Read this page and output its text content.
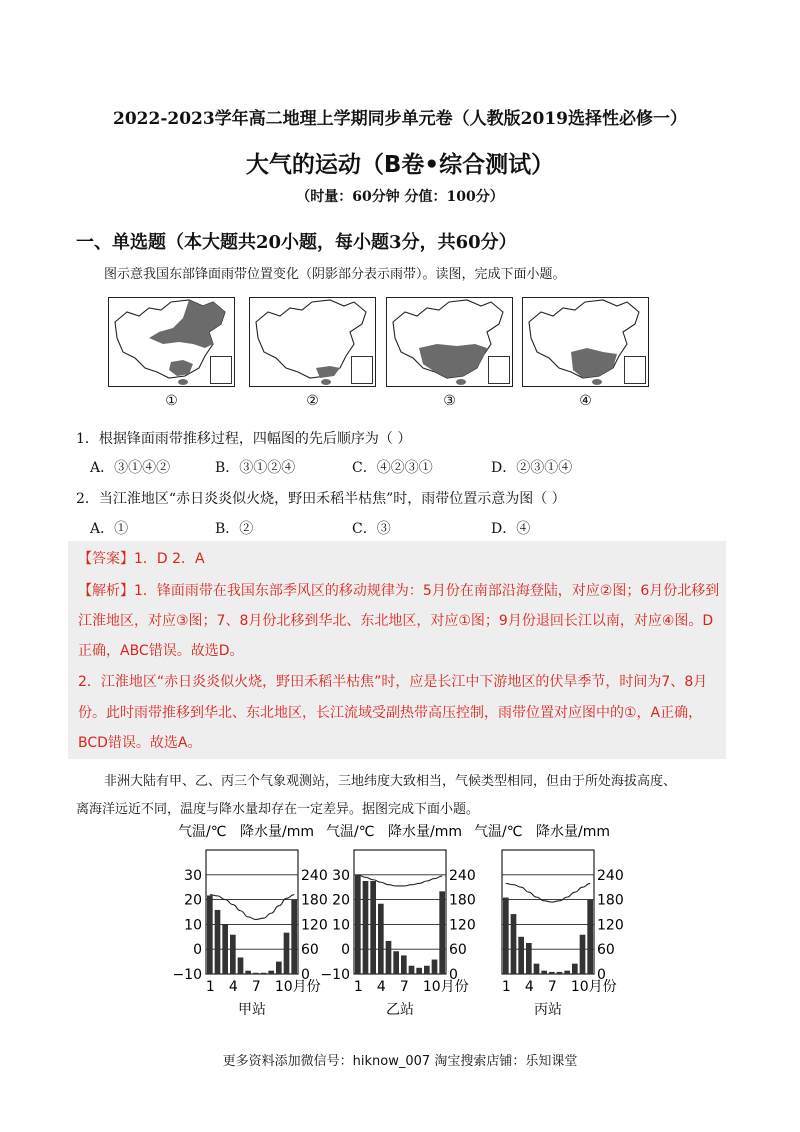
2022-2023学年高二地理上学期同步单元卷（人教版2019选择性必修一）
大气的运动（B卷•综合测试）
（时量：60分钟 分值：100分）
一、单选题（本大题共20小题，每小题3分，共60分）
图示意我国东部锋面雨带位置变化（阴影部分表示雨带）。读图，完成下面小题。
①	②	③	④
1．根据锋面雨带推移过程，四幅图的先后顺序为（ ）
A．③①④②	B．③①②④	C．④②③①	D．②③①④
2．当江淮地区“赤日炎炎似火烧，野田禾稻半枯焦”时，雨带位置示意为图（ ）
A．①	B．②	C．③	D．④
【答案】1．D 2．A
【解析】1．锋面雨带在我国东部季风区的移动规律为：5月份在南部沿海登陆，对应②图；6月份北移到
江淮地区，对应③图；7、8月份北移到华北、东北地区，对应①图；9月份退回长江以南，对应④图。D
正确，ABC错误。故选D。
2．江淮地区“赤日炎炎似火烧，野田禾稻半枯焦”时，应是长江中下游地区的伏旱季节，时间为7、8月
份。此时雨带推移到华北、东北地区，长江流域受副热带高压控制，雨带位置对应图中的①，A正确，
BCD错误。故选A。
非洲大陆有甲、乙、丙三个气象观测站，三地纬度大致相当，气候类型相同，但由于所处海拔高度、
离海洋远近不同，温度与降水量却存在一定差异。据图完成下面小题。
气温/℃ 降水量/mm
30
20
10
0
−10
240
180
120
60
0
1 4 7 10月份
甲站
气温/℃ 降水量/mm
30
20
10
0
−10
240
180
120
60
0
1 4 7 10月份
乙站
气温/℃ 降水量/mm
240
180
120
60
0
1 4 7 10月份
丙站
更多资料添加微信号：hiknow_007 淘宝搜索店铺：乐知课堂
